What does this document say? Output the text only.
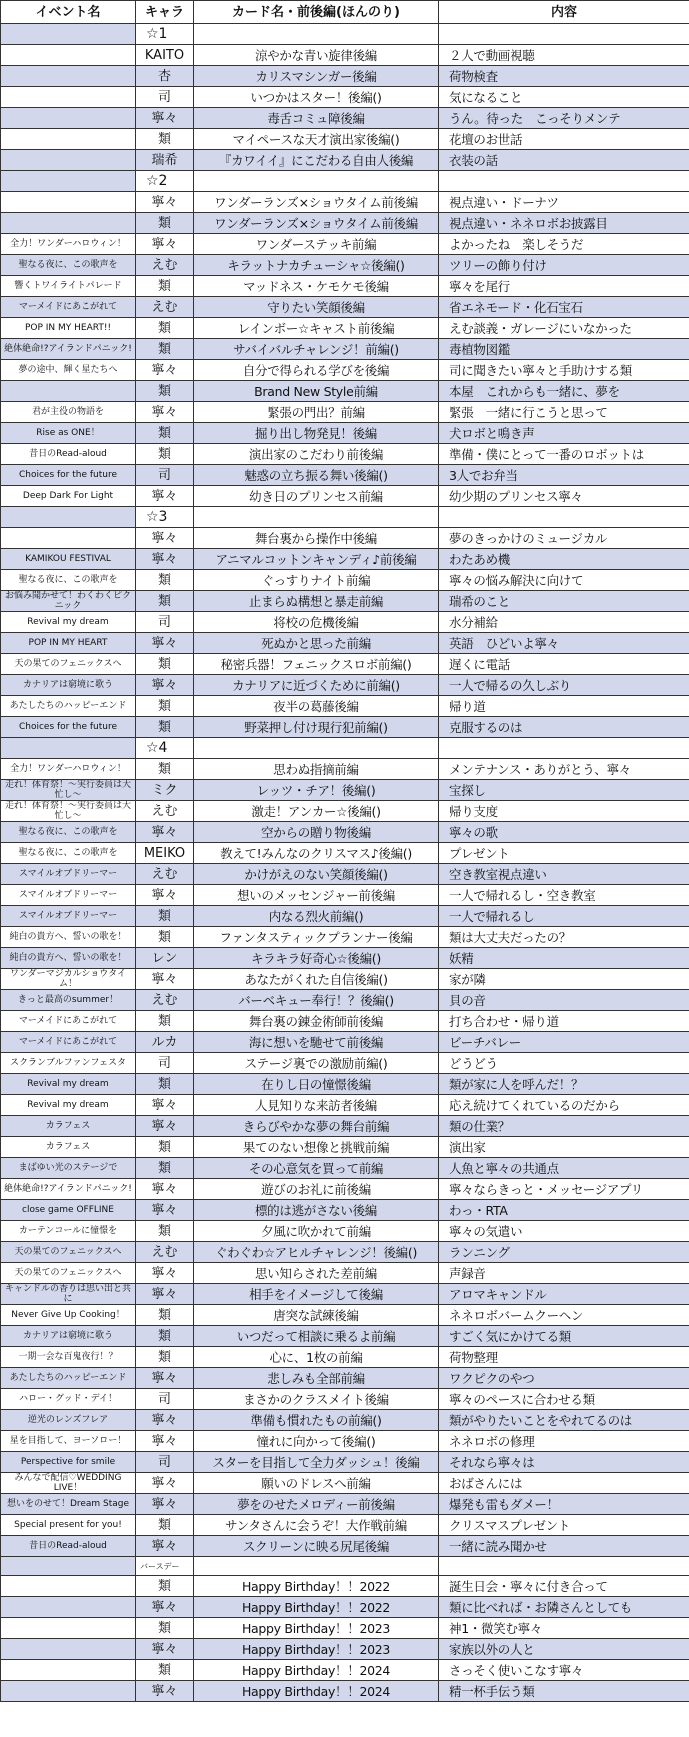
イベント名	キャラ	カード名・前後編(ほんのり)	内容
	☆1		
	KAITO	涼やかな青い旋律後編	２人で動画視聴
	杏	カリスマシンガー後編	荷物検査
	司	いつかはスター！後編()	気になること
	寧々	毒舌コミュ障後編	うん。待った　こっそりメンテ
	類	マイペースな天才演出家後編()	花壇のお世話
	瑞希	『カワイイ』にこだわる自由人後編	衣装の話
	☆2		
	寧々	ワンダーランズ×ショウタイム前後編	視点違い・ドーナツ
	類	ワンダーランズ×ショウタイム前後編	視点違い・ネネロボお披露目
全力！ワンダーハロウィン！	寧々	ワンダーステッキ前編	よかったね　楽しそうだ
聖なる夜に、この歌声を	えむ	キラットナカチューシャ☆後編()	ツリーの飾り付け
響くトワイライトパレード	類	マッドネス・ケモケモ後編	寧々を尾行
マーメイドにあこがれて	えむ	守りたい笑顔後編	省エネモード・化石宝石
POP IN MY HEART!!	類	レインボー☆キャスト前後編	えむ談義・ガレージにいなかった
絶体絶命!?アイランドパニック!	類	サバイバルチャレンジ！前編()	毒植物図鑑
夢の途中、輝く星たちへ	寧々	自分で得られる学びを後編	司に聞きたい寧々と手助けする類
	類	Brand New Style前編	本屋　これからも一緒に、夢を
君が主役の物語を	寧々	緊張の門出？前編	緊張　一緒に行こうと思って
Rise as ONE！	類	掘り出し物発見！後編	犬ロボと鳴き声
昔日のRead-aloud	類	演出家のこだわり前後編	準備・僕にとって一番のロボットは
Choices for the future	司	魅惑の立ち振る舞い後編()	3人でお弁当
Deep Dark For Light	寧々	幼き日のプリンセス前編	幼少期のプリンセス寧々
	☆3		
	寧々	舞台裏から操作中後編	夢のきっかけのミュージカル
KAMIKOU FESTIVAL	寧々	アニマルコットンキャンディ♪前後編	わたあめ機
聖なる夜に、この歌声を	類	ぐっすりナイト前編	寧々の悩み解決に向けて
お悩み聞かせて！わくわくピクニック	類	止まらぬ構想と暴走前編	瑞希のこと
Revival my dream	司	将校の危機後編	水分補給
POP IN MY HEART	寧々	死ぬかと思った前編	英語　ひどいよ寧々
天の果てのフェニックスへ	類	秘密兵器！フェニックスロボ前編()	遅くに電話
カナリアは窮境に歌う	寧々	カナリアに近づくために前編()	一人で帰るの久しぶり
あたしたちのハッピーエンド	類	夜半の葛藤後編	帰り道
Choices for the future	類	野菜押し付け現行犯前編()	克服するのは
	☆4		
全力！ワンダーハロウィン！	類	思わぬ指摘前編	メンテナンス・ありがとう、寧々
走れ！体育祭！～実行委員は大忙し～	ミク	レッツ・チア！後編()	宝探し
走れ！体育祭！～実行委員は大忙し～	えむ	激走！アンカー☆後編()	帰り支度
聖なる夜に、この歌声を	寧々	空からの贈り物後編	寧々の歌
聖なる夜に、この歌声を	MEIKO	教えて!みんなのクリスマス♪後編()	プレゼント
スマイルオブドリーマー	えむ	かけがえのない笑顔後編()	空き教室視点違い
スマイルオブドリーマー	寧々	想いのメッセンジャー前後編	一人で帰れるし・空き教室
スマイルオブドリーマー	類	内なる烈火前編()	一人で帰れるし
純白の貴方へ、誓いの歌を！	類	ファンタスティックプランナー後編	類は大丈夫だったの？
純白の貴方へ、誓いの歌を！	レン	キラキラ好奇心☆後編()	妖精
ワンダーマジカルショウタイム！	寧々	あなたがくれた自信後編()	家が隣
きっと最高のsummer！	えむ	バーベキュー奉行！？後編()	貝の音
マーメイドにあこがれて	類	舞台裏の錬金術師前後編	打ち合わせ・帰り道
マーメイドにあこがれて	ルカ	海に想いを馳せて前後編	ビーチバレー
スクランブルファンフェスタ	司	ステージ裏での激励前編()	どうどう
Revival my dream	類	在りし日の憧憬後編	類が家に人を呼んだ！？
Revival my dream	寧々	人見知りな来訪者後編	応え続けてくれているのだから
カラフェス	寧々	きらびやかな夢の舞台前編	類の仕業？
カラフェス	類	果てのない想像と挑戦前編	演出家
まばゆい光のステージで	類	その心意気を買って前編	人魚と寧々の共通点
絶体絶命!?アイランドパニック!	寧々	遊びのお礼に前後編	寧々ならきっと・メッセージアプリ
close game OFFLINE	寧々	標的は逃がさない後編	わっ・RTA
カーテンコールに憧憬を	類	夕風に吹かれて前編	寧々の気遣い
天の果てのフェニックスへ	えむ	ぐわぐわ☆アヒルチャレンジ！後編()	ランニング
天の果てのフェニックスへ	寧々	思い知らされた差前編	声録音
キャンドルの香りは思い出と共に	寧々	相手をイメージして後編	アロマキャンドル
Never Give Up Cooking！	類	唐突な試練後編	ネネロボバームクーヘン
カナリアは窮境に歌う	類	いつだって相談に乗るよ前編	すごく気にかけてる類
一期一会な百鬼夜行！？	類	心に、1枚の前編	荷物整理
あたしたちのハッピーエンド	寧々	悲しみも全部前編	ワクピクのやつ
ハロー・グッド・デイ！	司	まさかのクラスメイト後編	寧々のペースに合わせる類
逆光のレンズフレア	寧々	準備も慣れたもの前編()	類がやりたいことをやれてるのは
星を目指して、ヨーソロー！	寧々	憧れに向かって後編()	ネネロボの修理
Perspective for smile	司	スターを目指して全力ダッシュ！後編	それなら寧々は
みんなで配信♡WEDDING LIVE！	寧々	願いのドレスへ前編	おばさんには
想いをのせて！Dream Stage	寧々	夢をのせたメロディー前後編	爆発も雷もダメー！
Special present for you!	類	サンタさんに会うぞ！大作戦前編	クリスマスプレゼント
昔日のRead-aloud	寧々	スクリーンに映る尻尾後編	一緒に読み聞かせ
	バースデー		
	類	Happy Birthday！！2022	誕生日会・寧々に付き合って
	寧々	Happy Birthday！！2022	類に比べれば・お隣さんとしても
	類	Happy Birthday！！2023	神1・微笑む寧々
	寧々	Happy Birthday！！2023	家族以外の人と
	類	Happy Birthday！！2024	さっそく使いこなす寧々
	寧々	Happy Birthday！！2024	精一杯手伝う類
